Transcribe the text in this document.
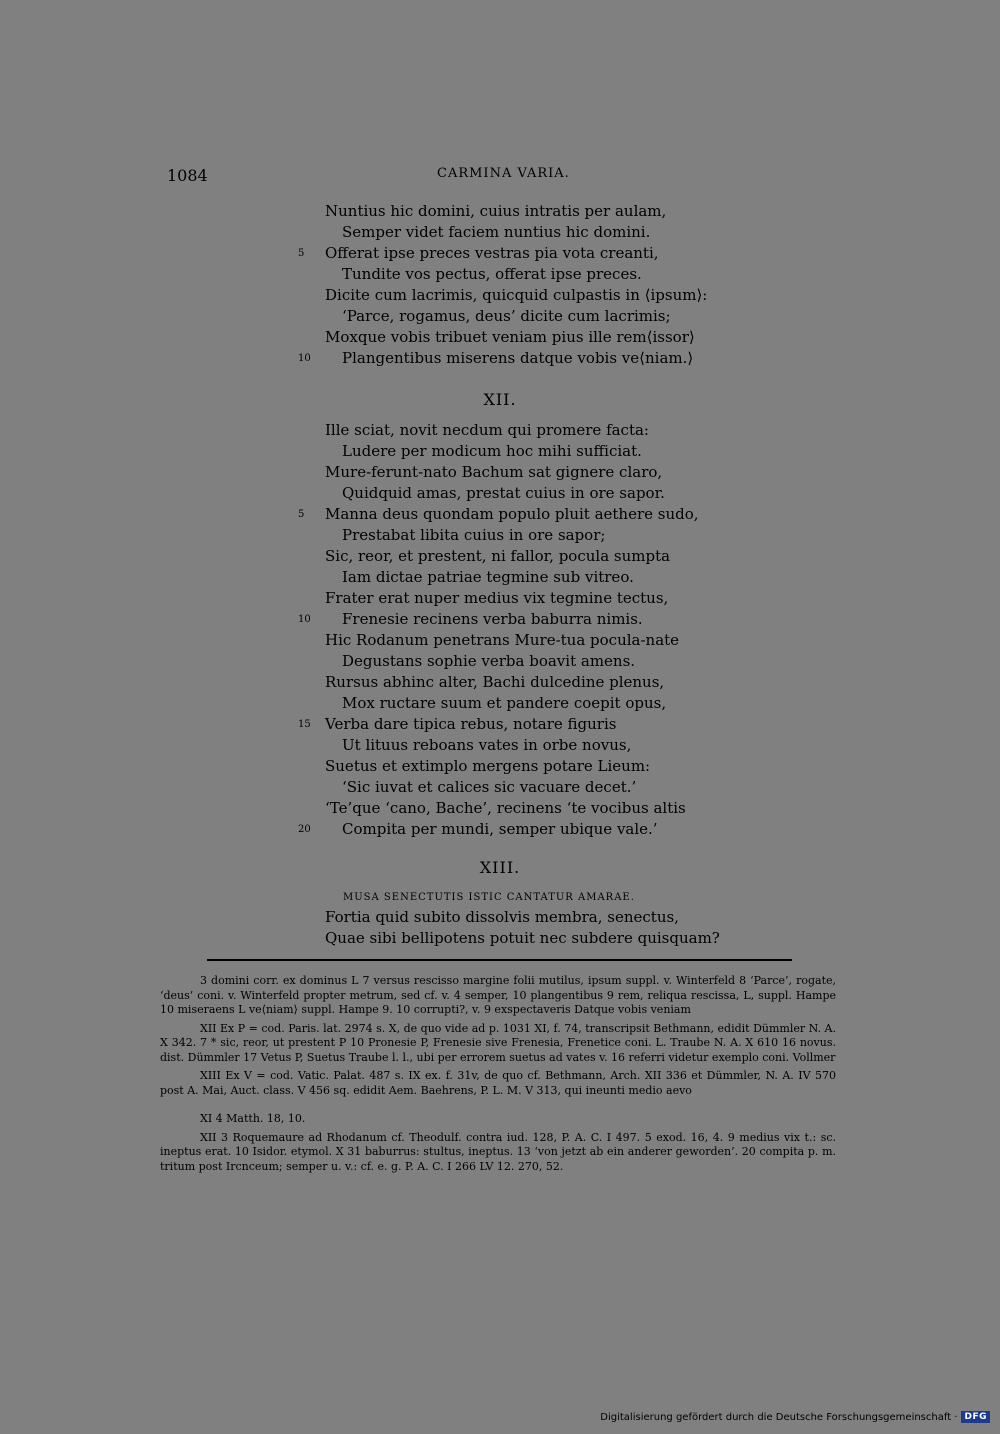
1084	CARMINA VARIA.
Nuntius hic domini, cuius intratis per aulam,
Semper videt faciem nuntius hic domini.
5 Offerat ipse preces vestras pia vota creanti,
Tundite vos pectus, offerat ipse preces.
Dicite cum lacrimis, quicquid culpastis in ⟨ipsum⟩:
‘Parce, rogamus, deus’ dicite cum lacrimis;
Moxque vobis tribuet veniam pius ille rem⟨issor⟩
10 Plangentibus miserens datque vobis ve⟨niam.⟩
XII.
Ille sciat, novit necdum qui promere facta:
Ludere per modicum hoc mihi sufficiat.
Mure-ferunt-nato Bachum sat gignere claro,
Quidquid amas, prestat cuius in ore sapor.
5 Manna deus quondam populo pluit aethere sudo,
Prestabat libita cuius in ore sapor;
Sic, reor, et prestent, ni fallor, pocula sumpta
Iam dictae patriae tegmine sub vitreo.
Frater erat nuper medius vix tegmine tectus,
10 Frenesie recinens verba baburra nimis.
Hic Rodanum penetrans Mure-tua pocula-nate
Degustans sophie verba boavit amens.
Rursus abhinc alter, Bachi dulcedine plenus,
Mox ructare suum et pandere coepit opus,
15 Verba dare tipica rebus, notare figuris
Ut lituus reboans vates in orbe novus,
Suetus et extimplo mergens potare Lieum:
‘Sic iuvat et calices sic vacuare decet.’
‘Te’que ‘cano, Bache’, recinens ‘te vocibus altis
20 Compita per mundi, semper ubique vale.’
XIII.
MUSA SENECTUTIS ISTIC CANTATUR AMARAE.
Fortia quid subito dissolvis membra, senectus,
Quae sibi bellipotens potuit nec subdere quisquam?

3 domini corr. ex dominus L 7 versus rescisso margine folii mutilus, ipsum suppl. v. Winterfeld 8 ‘Parce’, rogate, ‘deus’ coni. v. Winterfeld propter metrum, sed cf. v. 4 semper, 10 plangentibus 9 rem, reliqua rescissa, L, suppl. Hampe 10 miseraens L ve⟨niam⟩ suppl. Hampe 9. 10 corrupti?, v. 9 exspectaveris Datque vobis veniam

XII Ex P = cod. Paris. lat. 2974 s. X, de quo vide ad p. 1031 XI, f. 74, transcripsit Bethmann, edidit Dümmler N. A. X 342. 7 * sic, reor, ut prestent P 10 Pronesie P, Frenesie sive Frenesia, Frenetice coni. L. Traube N. A. X 610 16 novus. dist. Dümmler 17 Vetus P, Suetus Traube l. l., ubi per errorem suetus ad vates v. 16 referri videtur exemplo coni. Vollmer

XIII Ex V = cod. Vatic. Palat. 487 s. IX ex. f. 31v, de quo cf. Bethmann, Arch. XII 336 et Dümmler, N. A. IV 570 post A. Mai, Auct. class. V 456 sq. edidit Aem. Baehrens, P. L. M. V 313, qui ineunti medio aevo

XI 4 Matth. 18, 10.

XII 3 Roquemaure ad Rhodanum cf. Theodulf. contra iud. 128, P. A. C. I 497. 5 exod. 16, 4. 9 medius vix t.: sc. ineptus erat. 10 Isidor. etymol. X 31 baburrus: stultus, ineptus. 13 ‘von jetzt ab ein anderer geworden’. 20 compita p. m. tritum post Ircnceum; semper u. v.: cf. e. g. P. A. C. I 266 LV 12. 270, 52.

Digitalisierung gefördert durch die Deutsche Forschungsgemeinschaft · DFG
